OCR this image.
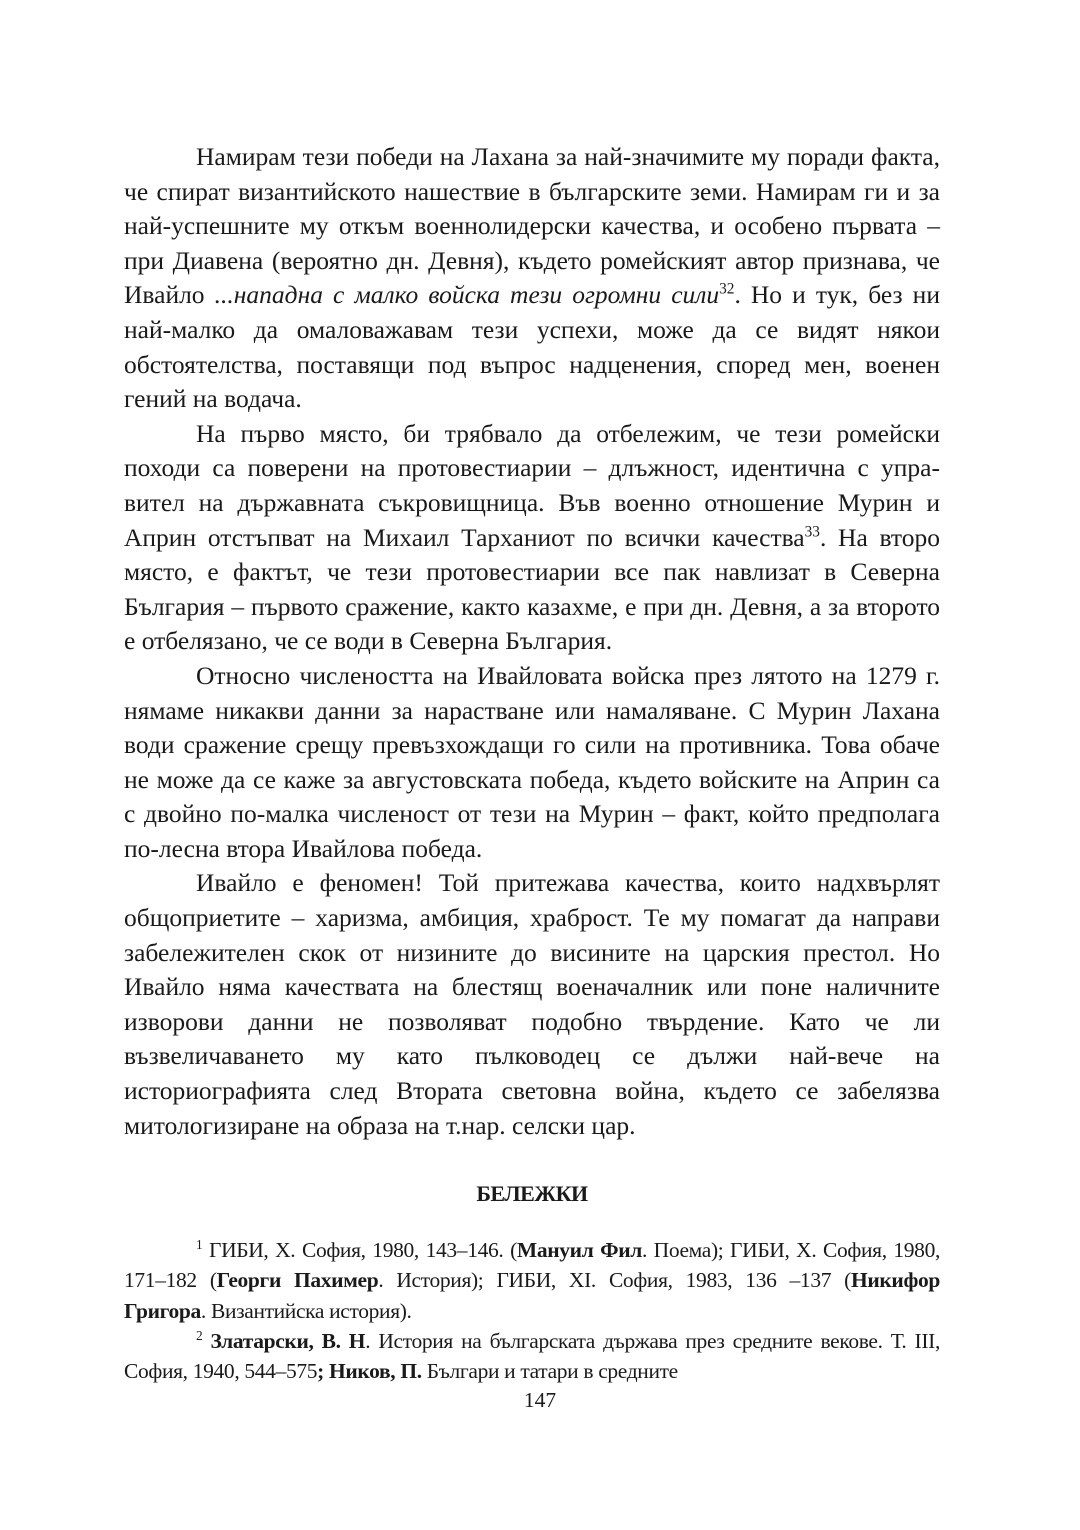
Намирам тези победи на Лахана за най-значимите му поради факта, че спират византийското нашествие в българските земи. Намирам ги и за най-успешните му откъм военнолидерски качества, и особено първата – при Диавена (вероятно дн. Девня), където ромейският автор признава, че Ивайло ...нападна с малко войска тези огромни сили$^{32}$. Но и тук, без ни най-малко да омаловажавам тези успехи, може да се видят някои обстоятелства, поставящи под въпрос надценения, според мен, военен гений на водача.

На първо място, би трябвало да отбележим, че тези ромейски походи са поверени на протовестиарии – длъжност, идентична с управител на държавната съкровищница. Във военно отношение Мурин и Априн отстъпват на Михаил Тарханиот по всички качества$^{33}$. На второ място, е фактът, че тези протовестиарии все пак навлизат в Северна България – първото сражение, както казахме, е при дн. Девня, а за второто е отбелязано, че се води в Северна България.

Относно числеността на Ивайловата войска през лятото на 1279 г. нямаме никакви данни за нарастване или намаляване. С Мурин Лахана води сражение срещу превъзхождащи го сили на противника. Това обаче не може да се каже за августовската победа, където войските на Априн са с двойно по-малка численост от тези на Мурин – факт, който предполага по-лесна втора Ивайлова победа.

Ивайло е феномен! Той притежава качества, които надхвърлят общоприетите – харизма, амбиция, храброст. Те му помагат да направи забележителен скок от низините до висините на царския престол. Но Ивайло няма качествата на блестящ военачалник или поне наличните изворови данни не позволяват подобно твърдение. Като че ли възвеличаването му като пълководец се дължи най-вече на историографията след Втората световна война, където се забелязва митологизиране на образа на т.нар. селски цар.

БЕЛЕЖКИ

$^1$ ГИБИ, Х. София, 1980, 143–146. (Мануил Фил. Поема); ГИБИ, Х. София, 1980, 171–182 (Георги Пахимер. История); ГИБИ, ХI. София, 1983, 136 –137 (Никифор Григора. Византийска история).

$^2$ Златарски, В. Н. История на българската държава през средните векове. Т. III, София, 1940, 544–575; Ников, П. Българи и татари в средните

147
